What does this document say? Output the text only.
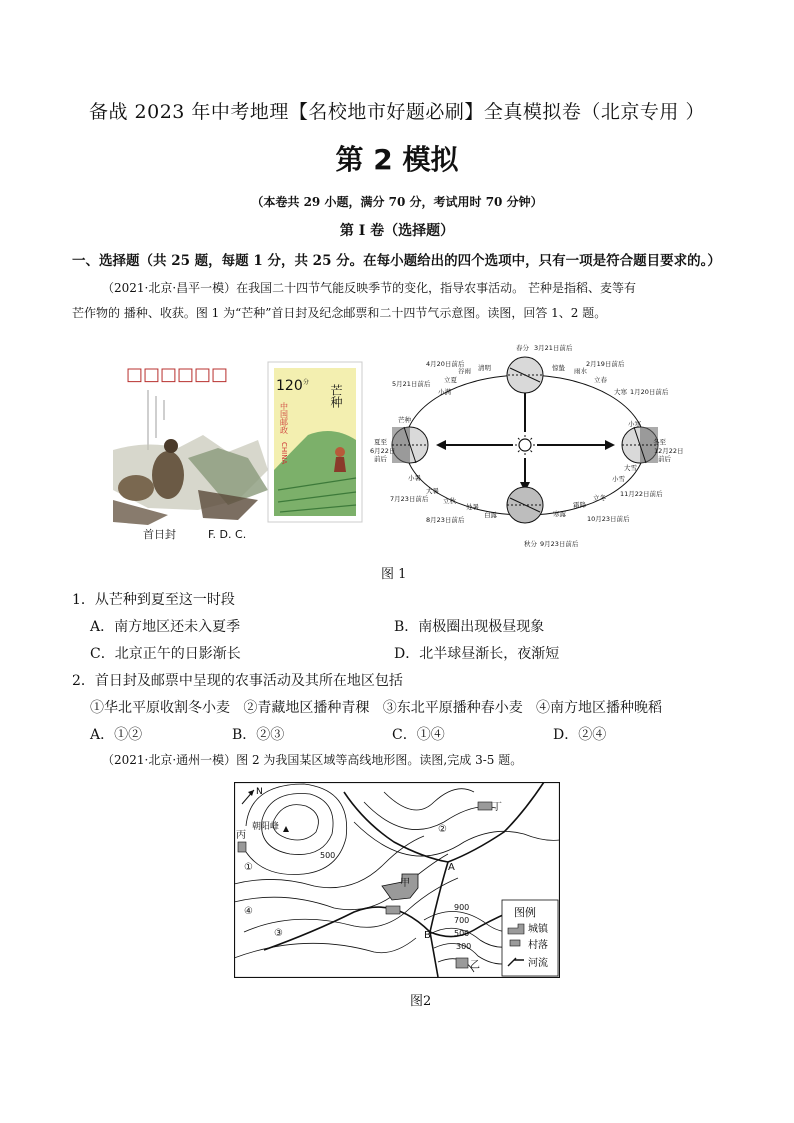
备战 2023 年中考地理【名校地市好题必刷】全真模拟卷（北京专用 ）
第 2 模拟
（本卷共 29 小题，满分 70 分，考试用时 70 分钟）
第 I 卷（选择题）
一、选择题（共 25 题，每题 1 分，共 25 分。在每小题给出的四个选项中，只有一项是符合题目要求的。）
（2021·北京·昌平一模）在我国二十四节气能反映季节的变化，指导农事活动。 芒种是指稻、麦等有
芒作物的 播种、收获。图 1 为“芒种”首日封及纪念邮票和二十四节气示意图。读图，回答 1、2 题。
□□□□□□
首日封	F. D. C.
120 分
芒种
中国邮政
CHINA
春分 3月21日前后
4月20日前后 清明
谷雨
立夏
5月21日前后
小满
芒种
夏至
6月22日
前后
小暑
大暑
7月23日前后 立秋
处暑
白露
8月23日前后
秋分 9月23日前后
寒露
霜降
立冬
10月23日前后
小雪
大雪
11月22日前后
冬至
12月22日
前后
小寒
大寒 1月20日前后
立春
雨水
惊蛰	2月19日前后
图 1
1．从芒种到夏至这一时段
A．南方地区还未入夏季	B．南极圈出现极昼现象
C．北京正午的日影渐长	D．北半球昼渐长，夜渐短
2．首日封及邮票中呈现的农事活动及其所在地区包括
①华北平原收割冬小麦   ②青藏地区播种青稞   ③东北平原播种春小麦   ④南方地区播种晚稻
A．①②	B．②③	C．①④	D．②④
（2021·北京·通州一模）图 2 为我国某区域等高线地形图。读图,完成 3-5 题。
N
朝阳峰
丙
丁
甲
乙
A
B
①
②
③
④
500
900
700
500
300
图例
城镇
村落
河流
图2
